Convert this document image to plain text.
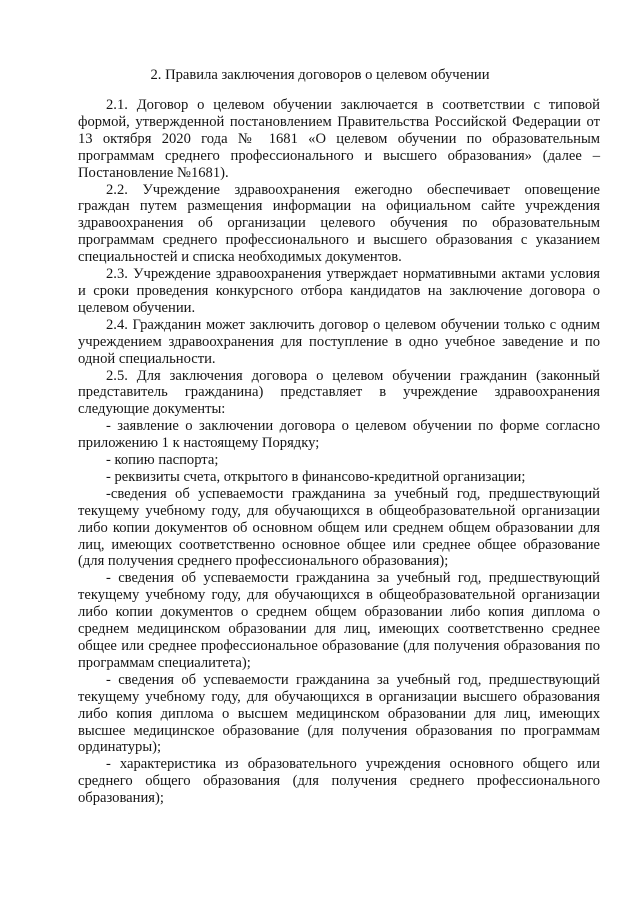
2. Правила заключения договоров о целевом обучении

2.1. Договор о целевом обучении заключается в соответствии с типовой формой, утвержденной постановлением Правительства Российской Федерации от 13 октября 2020 года № 1681 «О целевом обучении по образовательным программам среднего профессионального и высшего образования» (далее – Постановление №1681).

2.2. Учреждение здравоохранения ежегодно обеспечивает оповещение граждан путем размещения информации на официальном сайте учреждения здравоохранения об организации целевого обучения по образовательным программам среднего профессионального и высшего образования с указанием специальностей и списка необходимых документов.

2.3. Учреждение здравоохранения утверждает нормативными актами условия и сроки проведения конкурсного отбора кандидатов на заключение договора о целевом обучении.

2.4. Гражданин может заключить договор о целевом обучении только с одним учреждением здравоохранения для поступление в одно учебное заведение и по одной специальности.

2.5. Для заключения договора о целевом обучении гражданин (законный представитель гражданина) представляет в учреждение здравоохранения следующие документы:

- заявление о заключении договора о целевом обучении по форме согласно приложению 1 к настоящему Порядку;

- копию паспорта;

- реквизиты счета, открытого в финансово-кредитной организации;

-сведения об успеваемости гражданина за учебный год, предшествующий текущему учебному году, для обучающихся в общеобразовательной организации либо копии документов об основном общем или среднем общем образовании для лиц, имеющих соответственно основное общее или среднее общее образование (для получения среднего профессионального образования);

- сведения об успеваемости гражданина за учебный год, предшествующий текущему учебному году, для обучающихся в общеобразовательной организации либо копии документов о среднем общем образовании либо копия диплома о среднем медицинском образовании для лиц, имеющих соответственно среднее общее или среднее профессиональное образование (для получения образования по программам специалитета);

- сведения об успеваемости гражданина за учебный год, предшествующий текущему учебному году, для обучающихся в организации высшего образования либо копия диплома о высшем медицинском образовании для лиц, имеющих высшее медицинское образование (для получения образования по программам ординатуры);

- характеристика из образовательного учреждения основного общего или среднего общего образования (для получения среднего профессионального образования);
